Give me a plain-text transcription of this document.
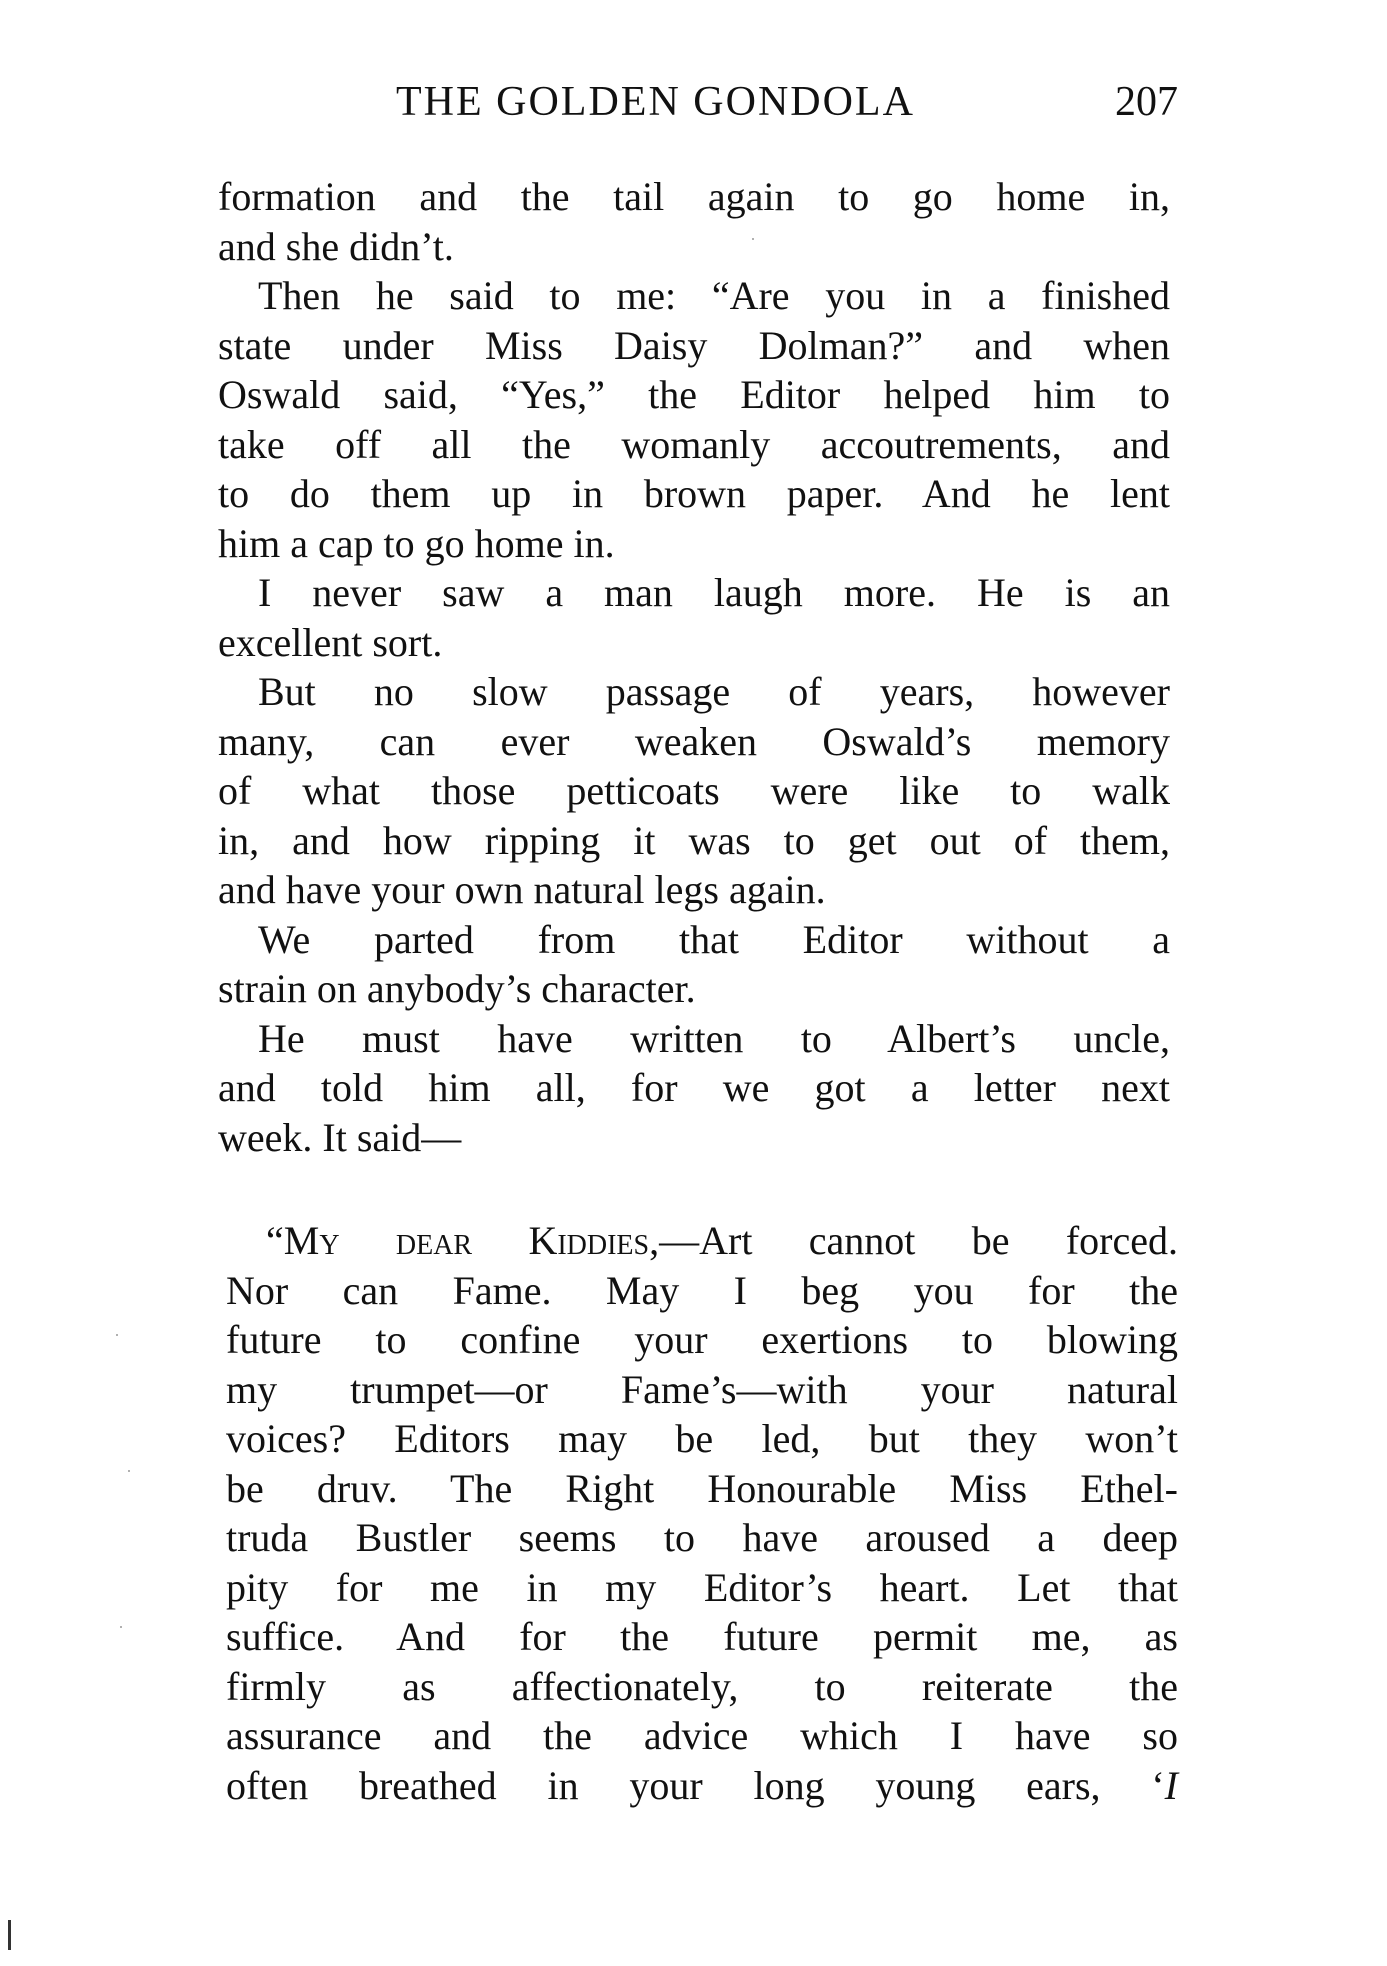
THE GOLDEN GONDOLA	207
formation and the tail again to go home in,
and she didn’t.
Then he said to me: “Are you in a finished
state under Miss Daisy Dolman?” and when
Oswald said, “Yes,” the Editor helped him to
take off all the womanly accoutrements, and
to do them up in brown paper. And he lent
him a cap to go home in.
I never saw a man laugh more. He is an
excellent sort.
But no slow passage of years, however
many, can ever weaken Oswald’s memory
of what those petticoats were like to walk
in, and how ripping it was to get out of them,
and have your own natural legs again.
We parted from that Editor without a
strain on anybody’s character.
He must have written to Albert’s uncle,
and told him all, for we got a letter next
week. It said—
“My dear Kiddies,—Art cannot be forced.
Nor can Fame. May I beg you for the
future to confine your exertions to blowing
my trumpet—or Fame’s—with your natural
voices? Editors may be led, but they won’t
be druv. The Right Honourable Miss Ethel-
truda Bustler seems to have aroused a deep
pity for me in my Editor’s heart. Let that
suffice. And for the future permit me, as
firmly as affectionately, to reiterate the
assurance and the advice which I have so
often breathed in your long young ears, ‘I
